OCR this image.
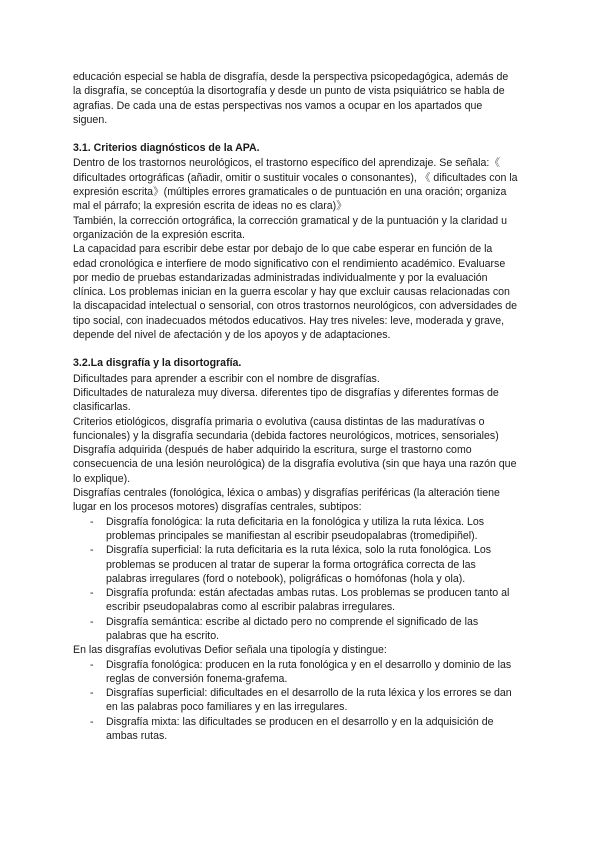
educación especial se habla de disgrafía, desde la perspectiva psicopedagógica, además de la disgrafía, se conceptúa la disortografía y desde un punto de vista psiquiátrico se habla de agrafias. De cada una de estas perspectivas nos vamos a ocupar en los apartados que siguen.

3.1. Criterios diagnósticos de la APA.

Dentro de los trastornos neurológicos, el trastorno específico del aprendizaje. Se señala:《 dificultades ortográficas (añadir, omitir o sustituir vocales o consonantes), 《 dificultades con la expresión escrita》(múltiples errores gramaticales o de puntuación en una oración; organiza mal el párrafo; la expresión escrita de ideas no es clara)》

También, la corrección ortográfica, la corrección gramatical y de la puntuación y la claridad u organización de la expresión escrita.

La capacidad para escribir debe estar por debajo de lo que cabe esperar en función de la edad cronológica e interfiere de modo significativo con el rendimiento académico. Evaluarse por medio de pruebas estandarizadas administradas individualmente y por la evaluación clínica. Los problemas inician en la guerra escolar y hay que excluir causas relacionadas con la discapacidad intelectual o sensorial, con otros trastornos neurológicos, con adversidades de tipo social, con inadecuados métodos educativos. Hay tres niveles: leve, moderada y grave, depende del nivel de afectación y de los apoyos y de adaptaciones.

3.2.La disgrafía y la disortografía.

Dificultades para aprender a escribir con el nombre de disgrafías.

Dificultades de naturaleza muy diversa. diferentes tipo de disgrafías y diferentes formas de clasificarlas.

Criterios etiológicos, disgrafía primaria o evolutiva (causa distintas de las maduratívas o funcionales) y la disgrafía secundaria (debida factores neurológicos, motrices, sensoriales)

Disgrafía adquirida (después de haber adquirido la escritura, surge el trastorno como consecuencia de una lesión neurológica) de la disgrafía evolutiva (sin que haya una razón que lo explique).

Disgrafías centrales (fonológica, léxica o ambas) y disgrafías periféricas (la alteración tiene lugar en los procesos motores) disgrafías centrales, subtipos:

- Disgrafía fonológica: la ruta deficitaria en la fonológica y utiliza la ruta léxica. Los problemas principales se manifiestan al escribir pseudopalabras (tromedipiñel).
- Disgrafía superficial: la ruta deficitaria es la ruta léxica, solo la ruta fonológica. Los problemas se producen al tratar de superar la forma ortográfica correcta de las palabras irregulares (ford o notebook), poligráficas o homófonas (hola y ola).
- Disgrafía profunda: están afectadas ambas rutas. Los problemas se producen tanto al escribir pseudopalabras como al escribir palabras irregulares.
- Disgrafía semántica: escribe al dictado pero no comprende el significado de las palabras que ha escrito.

En las disgrafías evolutivas Defior señala una tipología y distingue:

- Disgrafía fonológica: producen en la ruta fonológica y en el desarrollo y dominio de las reglas de conversión fonema-grafema.
- Disgrafías superficial: dificultades en el desarrollo de la ruta léxica y los errores se dan en las palabras poco familiares y en las irregulares.
- Disgrafía mixta: las dificultades se producen en el desarrollo y en la adquisición de ambas rutas.
